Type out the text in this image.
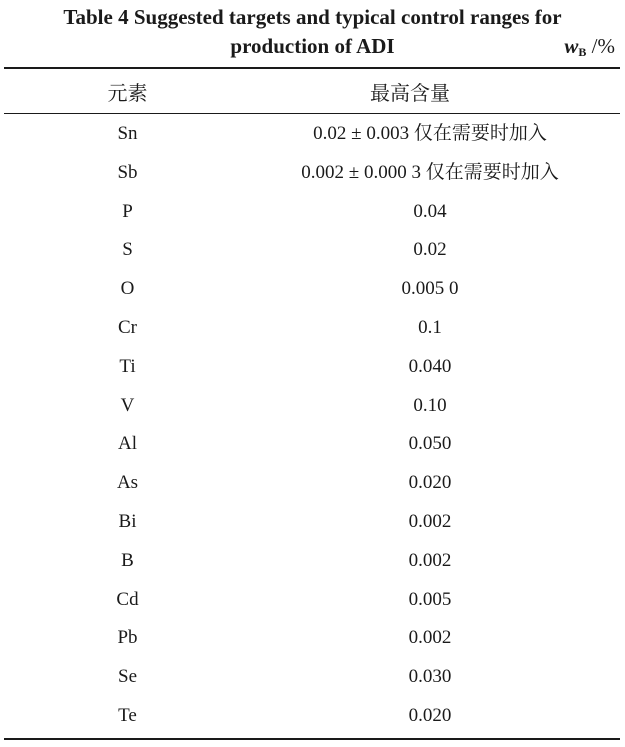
Table 4 Suggested targets and typical control ranges for
production of ADI	$w_B$ /%
元素	最高含量
Sn	0.02 ± 0.003 仅在需要时加入
Sb	0.002 ± 0.000 3 仅在需要时加入
P	0.04
S	0.02
O	0.005 0
Cr	0.1
Ti	0.040
V	0.10
Al	0.050
As	0.020
Bi	0.002
B	0.002
Cd	0.005
Pb	0.002
Se	0.030
Te	0.020
